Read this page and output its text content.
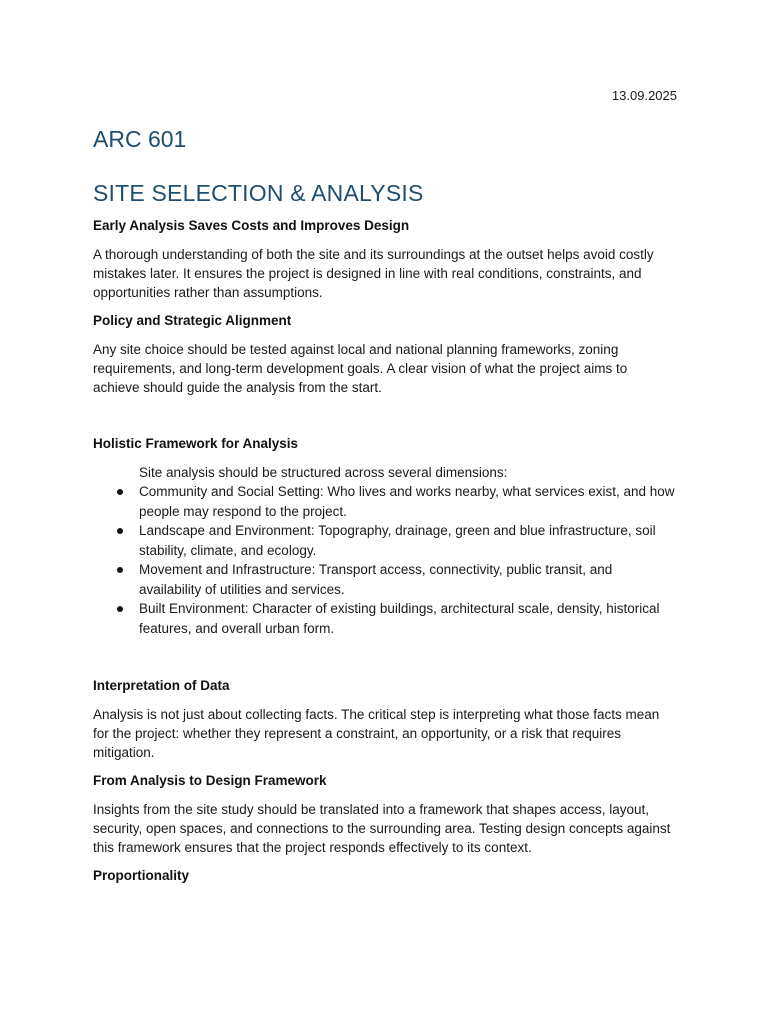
13.09.2025
ARC 601
SITE SELECTION & ANALYSIS
Early Analysis Saves Costs and Improves Design

A thorough understanding of both the site and its surroundings at the outset helps avoid costly mistakes later. It ensures the project is designed in line with real conditions, constraints, and opportunities rather than assumptions.

Policy and Strategic Alignment

Any site choice should be tested against local and national planning frameworks, zoning requirements, and long-term development goals. A clear vision of what the project aims to achieve should guide the analysis from the start.

Holistic Framework for Analysis

Site analysis should be structured across several dimensions:

Community and Social Setting: Who lives and works nearby, what services exist, and how people may respond to the project.
Landscape and Environment: Topography, drainage, green and blue infrastructure, soil stability, climate, and ecology.
Movement and Infrastructure: Transport access, connectivity, public transit, and availability of utilities and services.
Built Environment: Character of existing buildings, architectural scale, density, historical features, and overall urban form.
Interpretation of Data

Analysis is not just about collecting facts. The critical step is interpreting what those facts mean for the project: whether they represent a constraint, an opportunity, or a risk that requires mitigation.

From Analysis to Design Framework

Insights from the site study should be translated into a framework that shapes access, layout, security, open spaces, and connections to the surrounding area. Testing design concepts against this framework ensures that the project responds effectively to its context.

Proportionality
